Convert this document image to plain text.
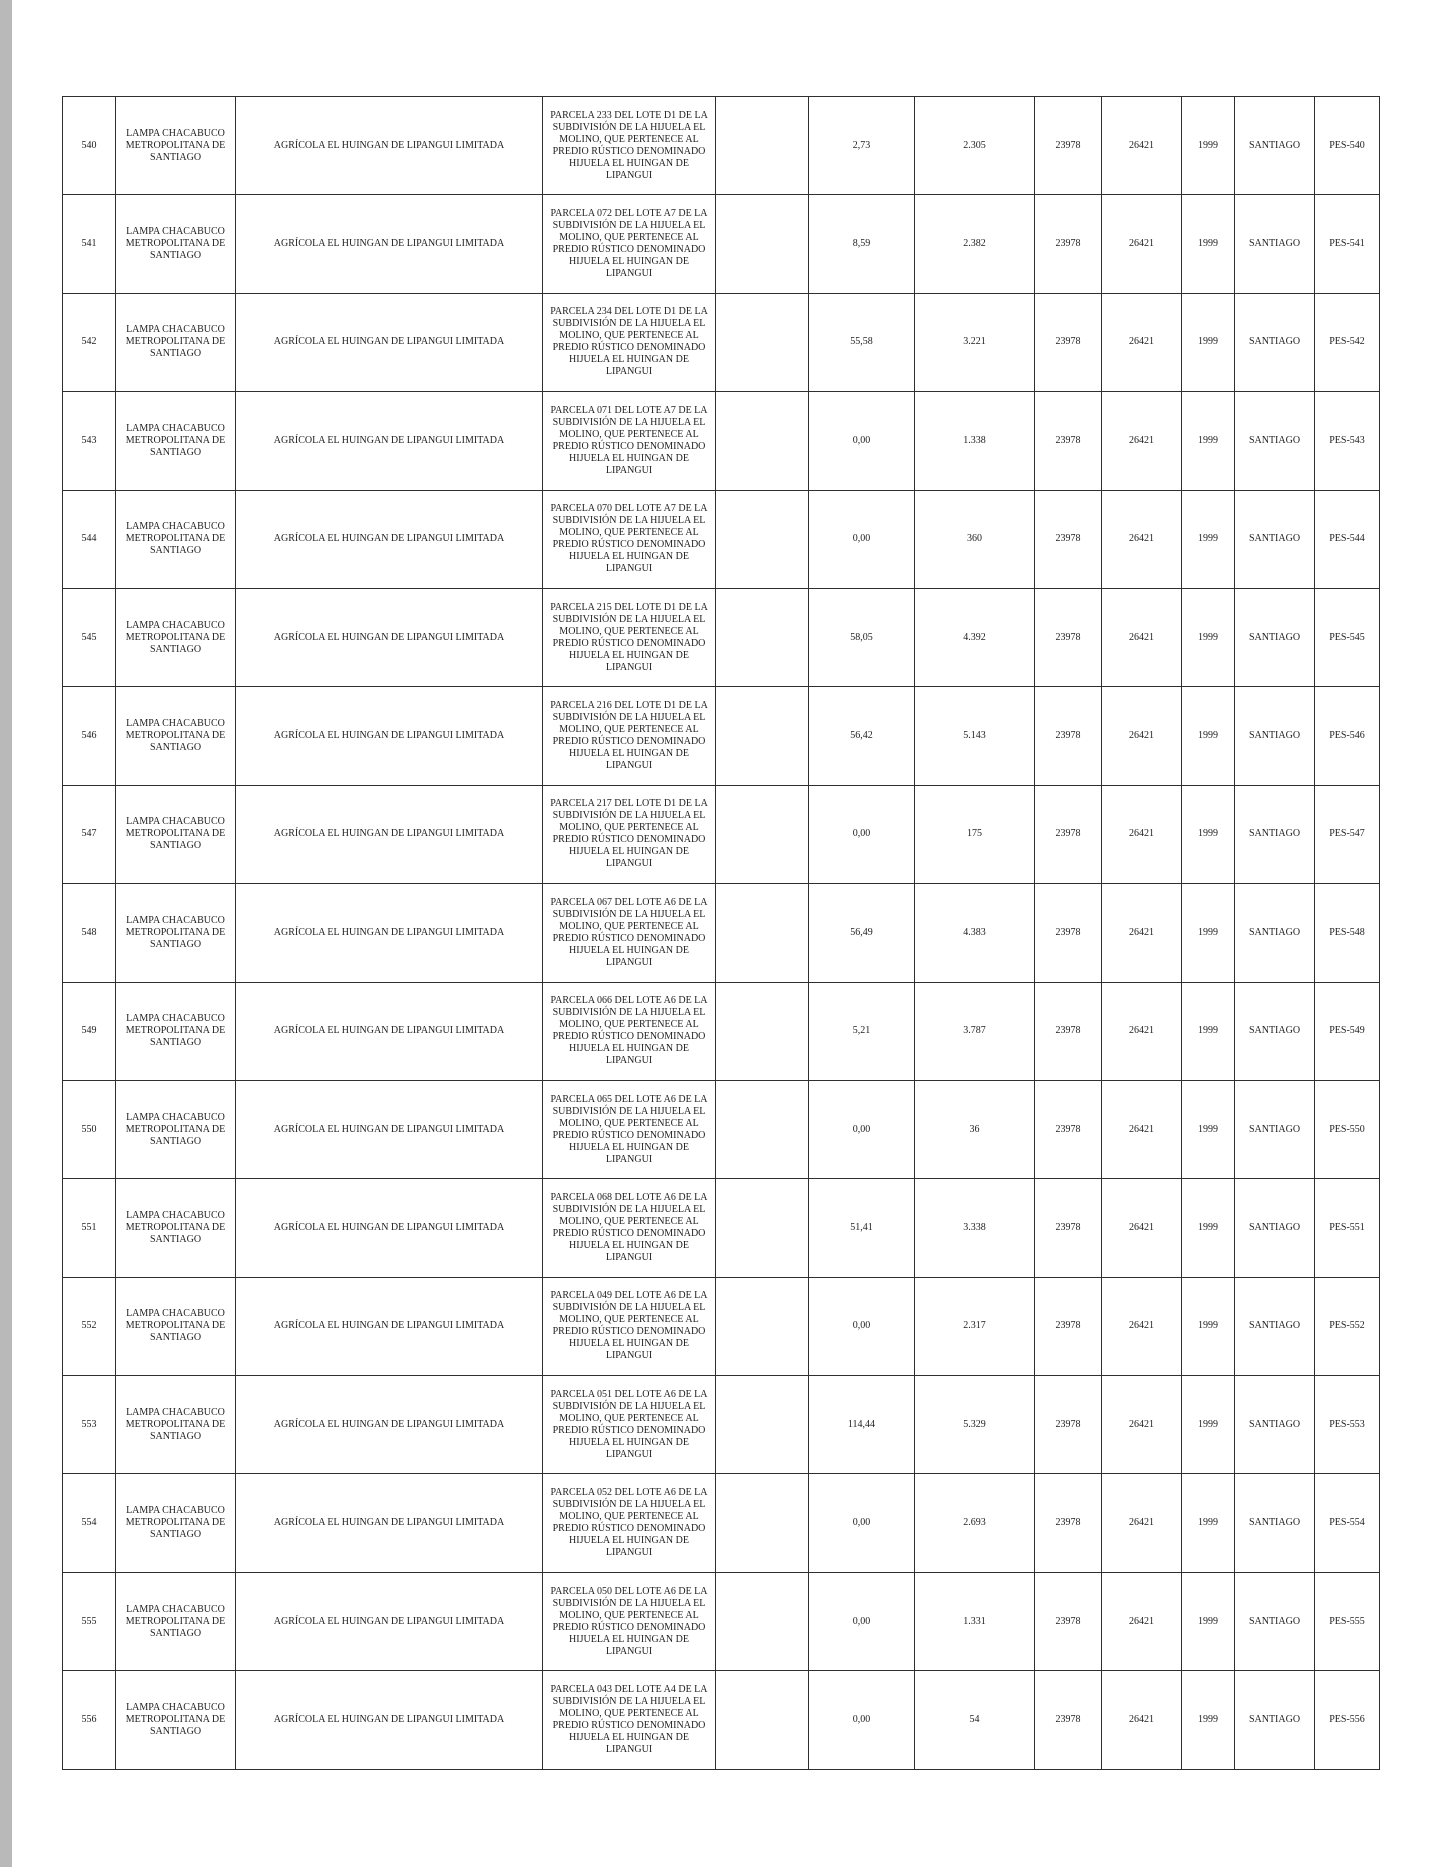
540	LAMPA CHACABUCO METROPOLITANA DE SANTIAGO	AGRÍCOLA EL HUINGAN DE LIPANGUI LIMITADA	PARCELA 233 DEL LOTE D1 DE LA SUBDIVISIÓN DE LA HIJUELA EL MOLINO, QUE PERTENECE AL PREDIO RÚSTICO DENOMINADO HIJUELA EL HUINGAN DE LIPANGUI		2,73	2.305	23978	26421	1999	SANTIAGO	PES-540
541	LAMPA CHACABUCO METROPOLITANA DE SANTIAGO	AGRÍCOLA EL HUINGAN DE LIPANGUI LIMITADA	PARCELA 072 DEL LOTE A7 DE LA SUBDIVISIÓN DE LA HIJUELA EL MOLINO, QUE PERTENECE AL PREDIO RÚSTICO DENOMINADO HIJUELA EL HUINGAN DE LIPANGUI		8,59	2.382	23978	26421	1999	SANTIAGO	PES-541
542	LAMPA CHACABUCO METROPOLITANA DE SANTIAGO	AGRÍCOLA EL HUINGAN DE LIPANGUI LIMITADA	PARCELA 234 DEL LOTE D1 DE LA SUBDIVISIÓN DE LA HIJUELA EL MOLINO, QUE PERTENECE AL PREDIO RÚSTICO DENOMINADO HIJUELA EL HUINGAN DE LIPANGUI		55,58	3.221	23978	26421	1999	SANTIAGO	PES-542
543	LAMPA CHACABUCO METROPOLITANA DE SANTIAGO	AGRÍCOLA EL HUINGAN DE LIPANGUI LIMITADA	PARCELA 071 DEL LOTE A7 DE LA SUBDIVISIÓN DE LA HIJUELA EL MOLINO, QUE PERTENECE AL PREDIO RÚSTICO DENOMINADO HIJUELA EL HUINGAN DE LIPANGUI		0,00	1.338	23978	26421	1999	SANTIAGO	PES-543
544	LAMPA CHACABUCO METROPOLITANA DE SANTIAGO	AGRÍCOLA EL HUINGAN DE LIPANGUI LIMITADA	PARCELA 070 DEL LOTE A7 DE LA SUBDIVISIÓN DE LA HIJUELA EL MOLINO, QUE PERTENECE AL PREDIO RÚSTICO DENOMINADO HIJUELA EL HUINGAN DE LIPANGUI		0,00	360	23978	26421	1999	SANTIAGO	PES-544
545	LAMPA CHACABUCO METROPOLITANA DE SANTIAGO	AGRÍCOLA EL HUINGAN DE LIPANGUI LIMITADA	PARCELA 215 DEL LOTE D1 DE LA SUBDIVISIÓN DE LA HIJUELA EL MOLINO, QUE PERTENECE AL PREDIO RÚSTICO DENOMINADO HIJUELA EL HUINGAN DE LIPANGUI		58,05	4.392	23978	26421	1999	SANTIAGO	PES-545
546	LAMPA CHACABUCO METROPOLITANA DE SANTIAGO	AGRÍCOLA EL HUINGAN DE LIPANGUI LIMITADA	PARCELA 216 DEL LOTE D1 DE LA SUBDIVISIÓN DE LA HIJUELA EL MOLINO, QUE PERTENECE AL PREDIO RÚSTICO DENOMINADO HIJUELA EL HUINGAN DE LIPANGUI		56,42	5.143	23978	26421	1999	SANTIAGO	PES-546
547	LAMPA CHACABUCO METROPOLITANA DE SANTIAGO	AGRÍCOLA EL HUINGAN DE LIPANGUI LIMITADA	PARCELA 217 DEL LOTE D1 DE LA SUBDIVISIÓN DE LA HIJUELA EL MOLINO, QUE PERTENECE AL PREDIO RÚSTICO DENOMINADO HIJUELA EL HUINGAN DE LIPANGUI		0,00	175	23978	26421	1999	SANTIAGO	PES-547
548	LAMPA CHACABUCO METROPOLITANA DE SANTIAGO	AGRÍCOLA EL HUINGAN DE LIPANGUI LIMITADA	PARCELA 067 DEL LOTE A6 DE LA SUBDIVISIÓN DE LA HIJUELA EL MOLINO, QUE PERTENECE AL PREDIO RÚSTICO DENOMINADO HIJUELA EL HUINGAN DE LIPANGUI		56,49	4.383	23978	26421	1999	SANTIAGO	PES-548
549	LAMPA CHACABUCO METROPOLITANA DE SANTIAGO	AGRÍCOLA EL HUINGAN DE LIPANGUI LIMITADA	PARCELA 066 DEL LOTE A6 DE LA SUBDIVISIÓN DE LA HIJUELA EL MOLINO, QUE PERTENECE AL PREDIO RÚSTICO DENOMINADO HIJUELA EL HUINGAN DE LIPANGUI		5,21	3.787	23978	26421	1999	SANTIAGO	PES-549
550	LAMPA CHACABUCO METROPOLITANA DE SANTIAGO	AGRÍCOLA EL HUINGAN DE LIPANGUI LIMITADA	PARCELA 065 DEL LOTE A6 DE LA SUBDIVISIÓN DE LA HIJUELA EL MOLINO, QUE PERTENECE AL PREDIO RÚSTICO DENOMINADO HIJUELA EL HUINGAN DE LIPANGUI		0,00	36	23978	26421	1999	SANTIAGO	PES-550
551	LAMPA CHACABUCO METROPOLITANA DE SANTIAGO	AGRÍCOLA EL HUINGAN DE LIPANGUI LIMITADA	PARCELA 068 DEL LOTE A6 DE LA SUBDIVISIÓN DE LA HIJUELA EL MOLINO, QUE PERTENECE AL PREDIO RÚSTICO DENOMINADO HIJUELA EL HUINGAN DE LIPANGUI		51,41	3.338	23978	26421	1999	SANTIAGO	PES-551
552	LAMPA CHACABUCO METROPOLITANA DE SANTIAGO	AGRÍCOLA EL HUINGAN DE LIPANGUI LIMITADA	PARCELA 049 DEL LOTE A6 DE LA SUBDIVISIÓN DE LA HIJUELA EL MOLINO, QUE PERTENECE AL PREDIO RÚSTICO DENOMINADO HIJUELA EL HUINGAN DE LIPANGUI		0,00	2.317	23978	26421	1999	SANTIAGO	PES-552
553	LAMPA CHACABUCO METROPOLITANA DE SANTIAGO	AGRÍCOLA EL HUINGAN DE LIPANGUI LIMITADA	PARCELA 051 DEL LOTE A6 DE LA SUBDIVISIÓN DE LA HIJUELA EL MOLINO, QUE PERTENECE AL PREDIO RÚSTICO DENOMINADO HIJUELA EL HUINGAN DE LIPANGUI		114,44	5.329	23978	26421	1999	SANTIAGO	PES-553
554	LAMPA CHACABUCO METROPOLITANA DE SANTIAGO	AGRÍCOLA EL HUINGAN DE LIPANGUI LIMITADA	PARCELA 052 DEL LOTE A6 DE LA SUBDIVISIÓN DE LA HIJUELA EL MOLINO, QUE PERTENECE AL PREDIO RÚSTICO DENOMINADO HIJUELA EL HUINGAN DE LIPANGUI		0,00	2.693	23978	26421	1999	SANTIAGO	PES-554
555	LAMPA CHACABUCO METROPOLITANA DE SANTIAGO	AGRÍCOLA EL HUINGAN DE LIPANGUI LIMITADA	PARCELA 050 DEL LOTE A6 DE LA SUBDIVISIÓN DE LA HIJUELA EL MOLINO, QUE PERTENECE AL PREDIO RÚSTICO DENOMINADO HIJUELA EL HUINGAN DE LIPANGUI		0,00	1.331	23978	26421	1999	SANTIAGO	PES-555
556	LAMPA CHACABUCO METROPOLITANA DE SANTIAGO	AGRÍCOLA EL HUINGAN DE LIPANGUI LIMITADA	PARCELA 043 DEL LOTE A4 DE LA SUBDIVISIÓN DE LA HIJUELA EL MOLINO, QUE PERTENECE AL PREDIO RÚSTICO DENOMINADO HIJUELA EL HUINGAN DE LIPANGUI		0,00	54	23978	26421	1999	SANTIAGO	PES-556
